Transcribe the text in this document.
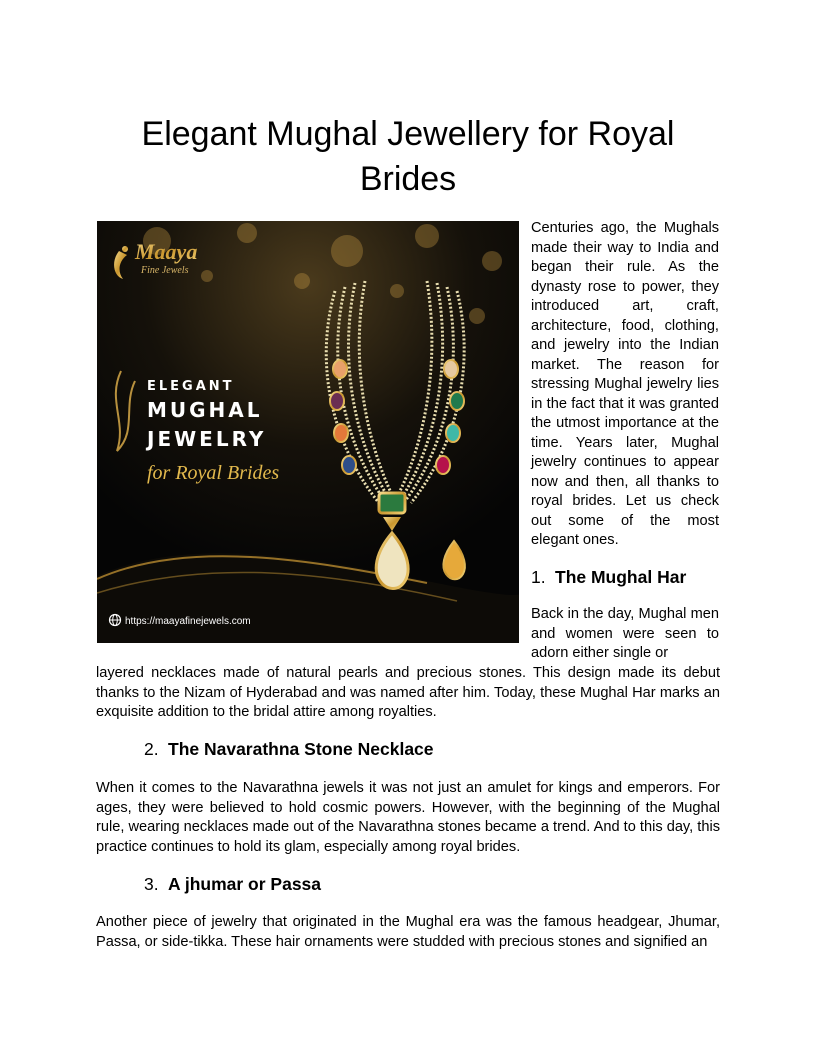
Elegant Mughal Jewellery for Royal Brides
Maaya
Fine Jewels
ELEGANT
MUGHAL
JEWELRY
for Royal Brides
https://maayafinejewels.com

Centuries ago, the Mughals made their way to India and began their rule. As the dynasty rose to power, they introduced art, craft, architecture, food, clothing, and jewelry into the Indian market. The reason for stressing Mughal jewelry lies in the fact that it was granted the utmost importance at the time. Years later, Mughal jewelry continues to appear now and then, all thanks to royal brides. Let us check out some of the most elegant ones.

1. The Mughal Har

Back in the day, Mughal men and women were seen to adorn either single or

layered necklaces made of natural pearls and precious stones. This design made its debut thanks to the Nizam of Hyderabad and was named after him. Today, these Mughal Har marks an exquisite addition to the bridal attire among royalties.

2. The Navarathna Stone Necklace

When it comes to the Navarathna jewels it was not just an amulet for kings and emperors. For ages, they were believed to hold cosmic powers. However, with the beginning of the Mughal rule, wearing necklaces made out of the Navarathna stones became a trend. And to this day, this practice continues to hold its glam, especially among royal brides.

3. A jhumar or Passa

Another piece of jewelry that originated in the Mughal era was the famous headgear, Jhumar, Passa, or side-tikka. These hair ornaments were studded with precious stones and signified an
